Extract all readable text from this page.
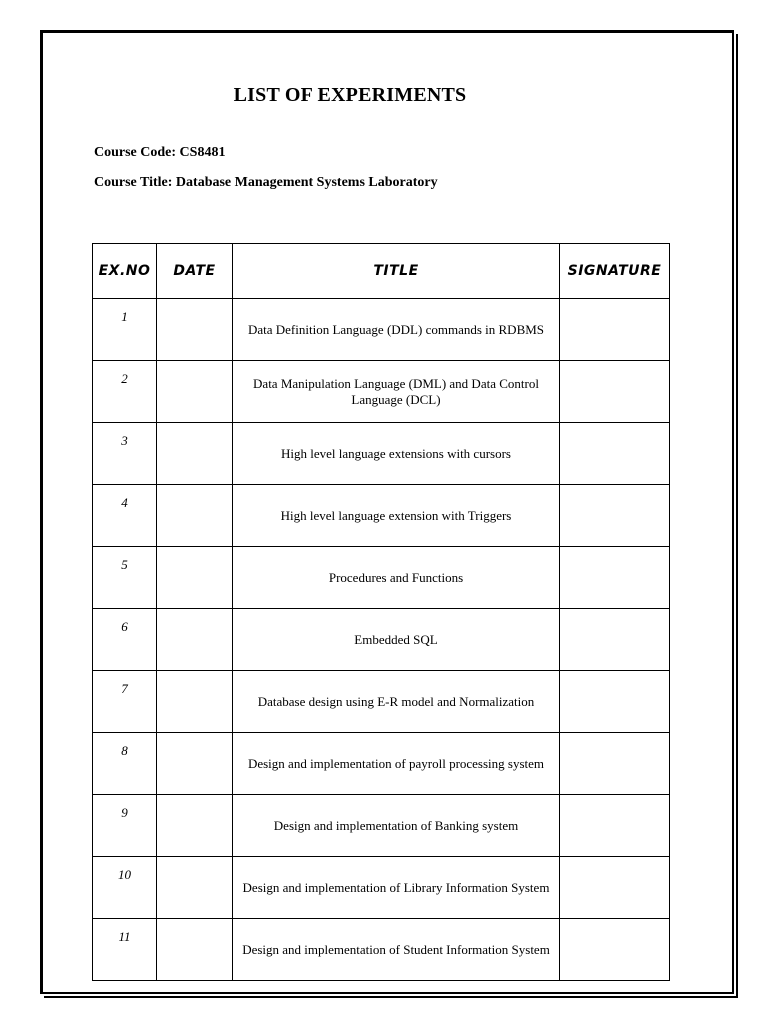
LIST OF EXPERIMENTS
Course Code: CS8481
Course Title: Database Management Systems Laboratory
EX.NO	DATE	TITLE	SIGNATURE
1		Data Definition Language (DDL) commands in RDBMS	
2		Data Manipulation Language (DML) and Data Control Language (DCL)	
3		High level language extensions with cursors	
4		High level language extension with Triggers	
5		Procedures and Functions	
6		Embedded SQL	
7		Database design using E-R model and Normalization	

8		Design and implementation of payroll processing system	
9		Design and implementation of Banking system	
10		Design and implementation of Library Information System	
11		Design and implementation of Student Information System	
